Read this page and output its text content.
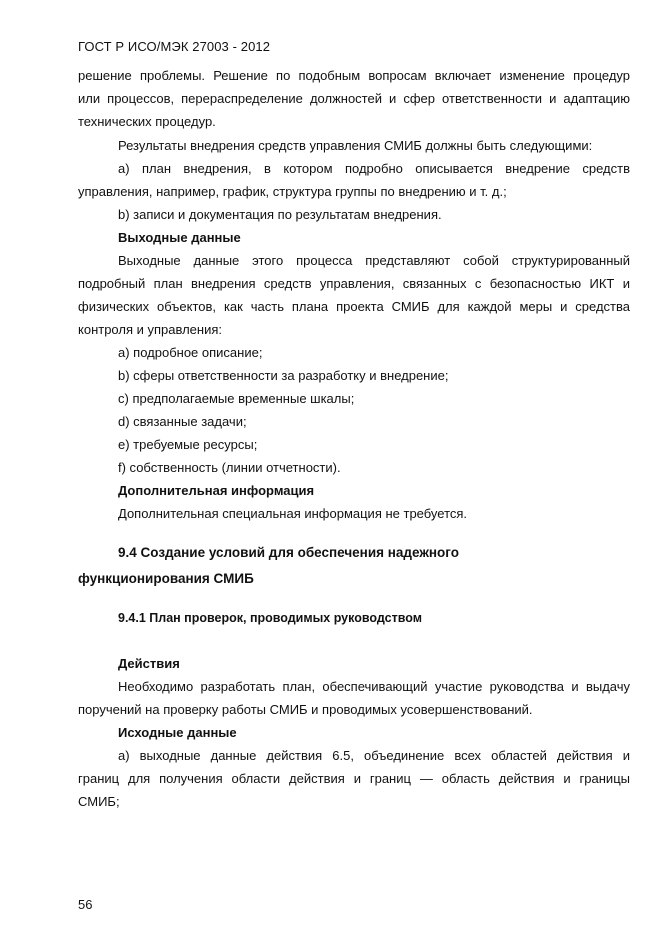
ГОСТ Р ИСО/МЭК 27003 - 2012
решение проблемы. Решение по подобным вопросам включает изменение процедур
или процессов, перераспределение должностей и сфер ответственности и адаптацию
технических процедур.
Результаты внедрения средств управления СМИБ должны быть следующими:
а) план внедрения, в котором подробно описывается внедрение средств
управления, например, график, структура группы по внедрению и т. д.;
b) записи и документация по результатам внедрения.
Выходные данные
Выходные данные этого процесса представляют собой структурированный
подробный план внедрения средств управления, связанных с безопасностью ИКТ и
физических объектов, как часть плана проекта СМИБ для каждой меры и средства
контроля и управления:
а) подробное описание;
b) сферы ответственности за разработку и внедрение;
c) предполагаемые временные шкалы;
d) связанные задачи;
e) требуемые ресурсы;
f) собственность (линии отчетности).
Дополнительная информация
Дополнительная специальная информация не требуется.
9.4 Создание условий для обеспечения надежного
функционирования СМИБ
9.4.1 План проверок, проводимых руководством
Действия
Необходимо разработать план, обеспечивающий участие руководства и выдачу
поручений на проверку работы СМИБ и проводимых усовершенствований.
Исходные данные
а) выходные данные действия 6.5, объединение всех областей действия и
границ для получения области действия и границ — область действия и границы
СМИБ;
56
